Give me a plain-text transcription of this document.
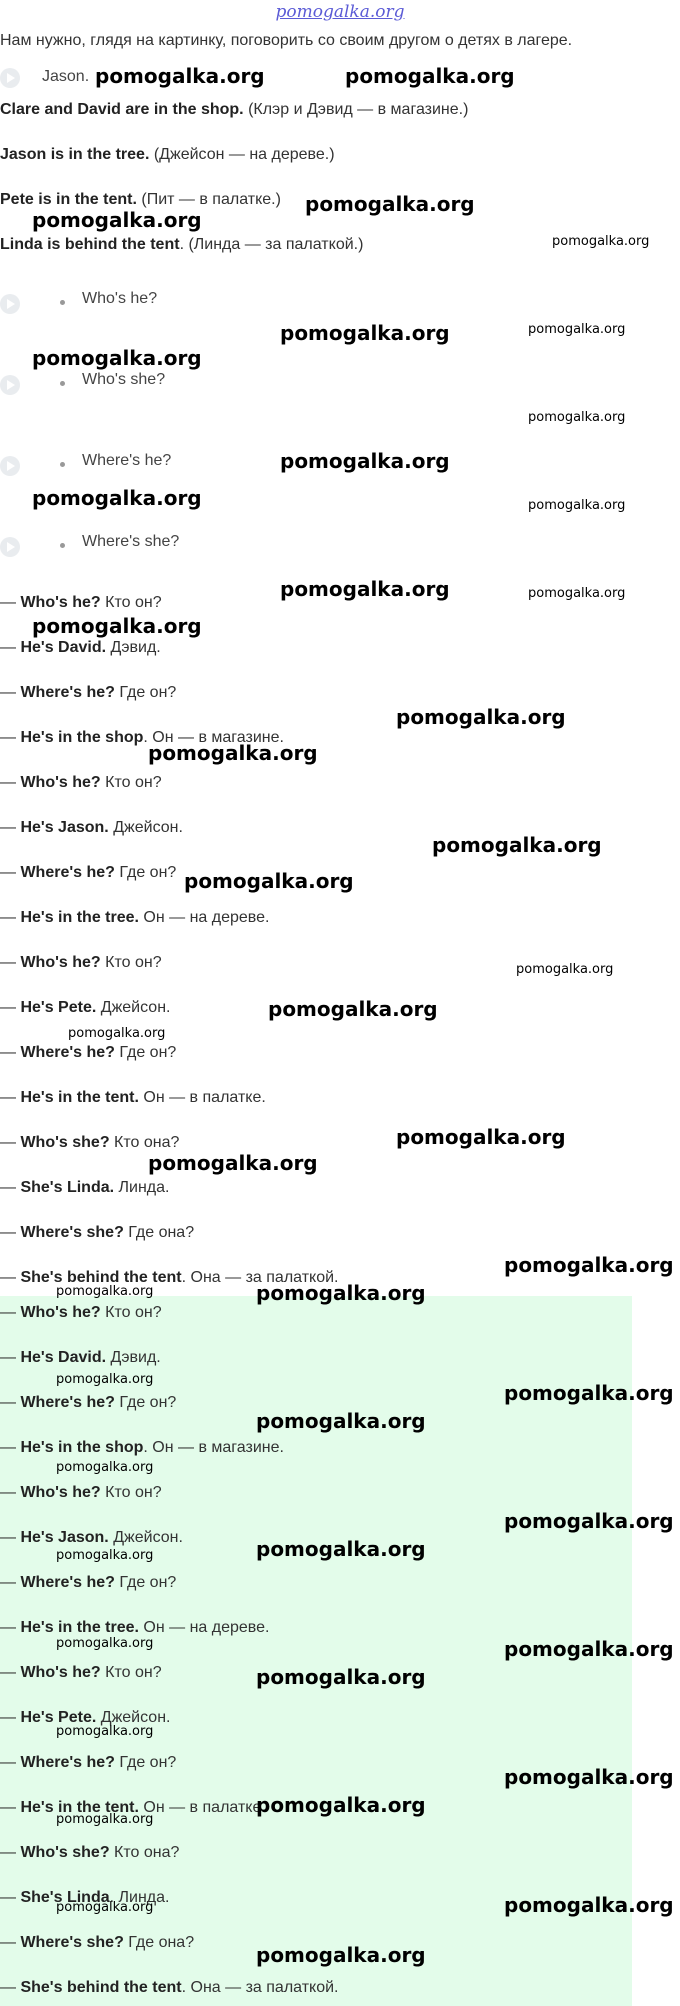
pomogalka.org
Нам нужно, глядя на картинку, поговорить со своим другом о детях в лагере.
Jason.
Clare and David are in the shop. (Клэр и Дэвид — в магазине.)
Jason is in the tree. (Джейсон — на дереве.)
Pete is in the tent. (Пит — в палатке.)
Linda is behind the tent. (Линда — за палаткой.)
Who's he?
Who's she?
Where's he?
Where's she?
— Who's he? Кто он?
— He's David. Дэвид.
— Where's he? Где он?
— He's in the shop. Он — в магазине.
— Who's he? Кто он?
— He's Jason. Джейсон.
— Where's he? Где он?
— He's in the tree. Он — на дереве.
— Who's he? Кто он?
— He's Pete. Джейсон.
— Where's he? Где он?
— He's in the tent. Он — в палатке.
— Who's she? Кто она?
— She's Linda. Линда.
— Where's she? Где она?
— She's behind the tent. Она — за палаткой.
— Who's he? Кто он?
— He's David. Дэвид.
— Where's he? Где он?
— He's in the shop. Он — в магазине.
— Who's he? Кто он?
— He's Jason. Джейсон.
— Where's he? Где он?
— He's in the tree. Он — на дереве.
— Who's he? Кто он?
— He's Pete. Джейсон.
— Where's he? Где он?
— He's in the tent. Он — в палатке.
— Who's she? Кто она?
— She's Linda. Линда.
— Where's she? Где она?
— She's behind the tent. Она — за палаткой.
pomogalka.org	pomogalka.org
pomogalka.org
pomogalka.org
pomogalka.org
pomogalka.org	pomogalka.org
pomogalka.org
pomogalka.org
pomogalka.org
pomogalka.org	pomogalka.org
pomogalka.org	pomogalka.org
pomogalka.org
pomogalka.org
pomogalka.org
pomogalka.org
pomogalka.org
pomogalka.org
pomogalka.org
pomogalka.org
pomogalka.org
pomogalka.org
pomogalka.org
pomogalka.org	pomogalka.org
pomogalka.org
pomogalka.org
pomogalka.org
pomogalka.org
pomogalka.org
pomogalka.org
pomogalka.org
pomogalka.org	pomogalka.org
pomogalka.org
pomogalka.org
pomogalka.org
pomogalka.org
pomogalka.org
pomogalka.org
pomogalka.org
pomogalka.org
